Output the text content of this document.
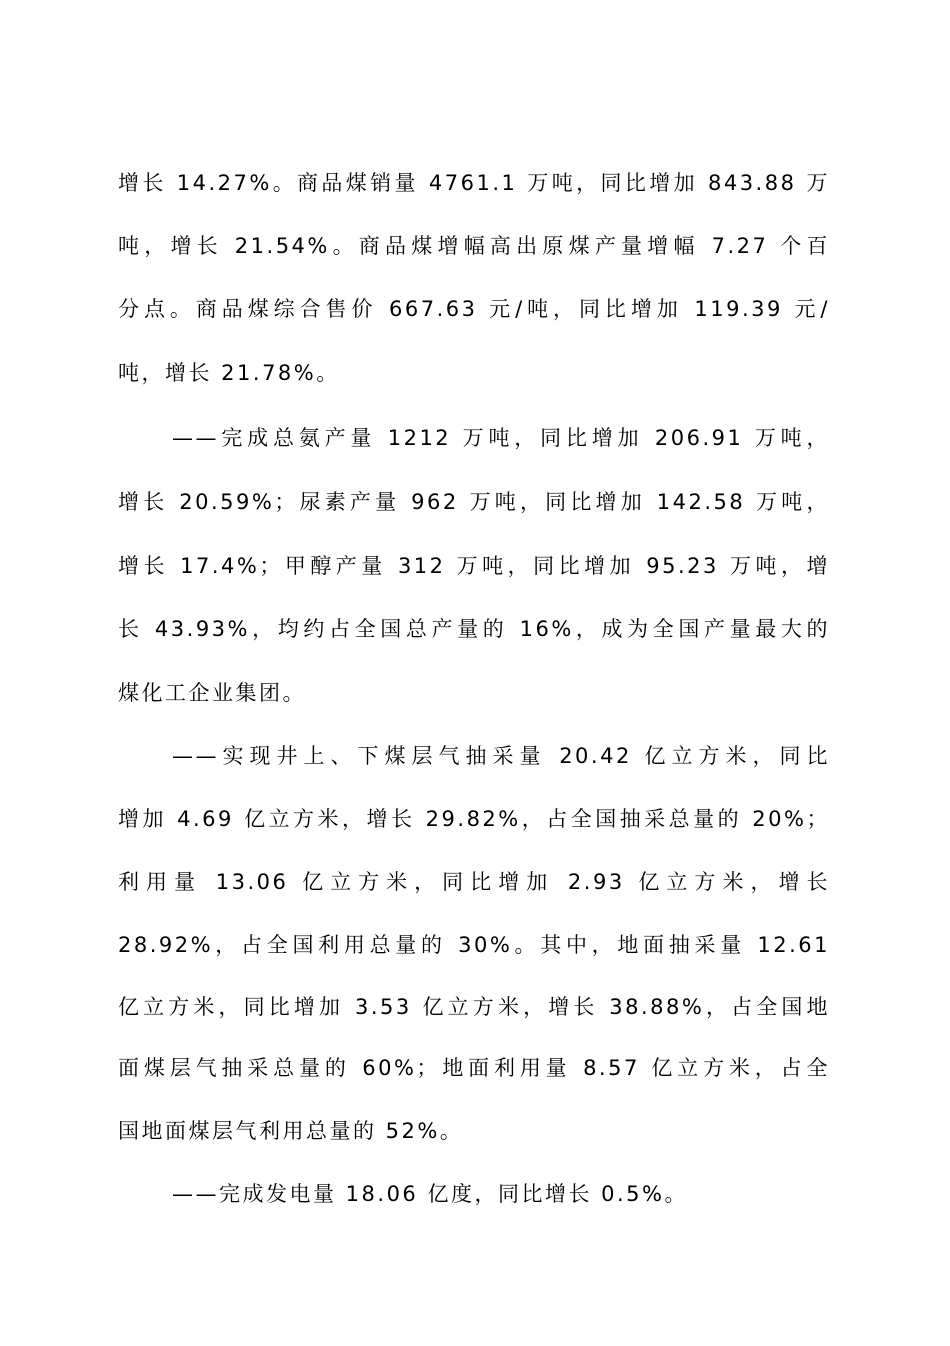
增长 14.27%。商品煤销量 4761.1 万吨，同比增加 843.88 万
吨，增长 21.54%。商品煤增幅高出原煤产量增幅 7.27 个百
分点。商品煤综合售价 667.63 元/吨，同比增加 119.39 元/
吨，增长 21.78%。
——完成总氨产量 1212 万吨，同比增加 206.91 万吨，
增长 20.59%；尿素产量 962 万吨，同比增加 142.58 万吨，
增长 17.4%；甲醇产量 312 万吨，同比增加 95.23 万吨，增
长 43.93%，均约占全国总产量的 16%，成为全国产量最大的
煤化工企业集团。
——实现井上、下煤层气抽采量 20.42 亿立方米，同比
增加 4.69 亿立方米，增长 29.82%，占全国抽采总量的 20%；
利用量 13.06 亿立方米，同比增加 2.93 亿立方米，增长
28.92%，占全国利用总量的 30%。其中，地面抽采量 12.61
亿立方米，同比增加 3.53 亿立方米，增长 38.88%，占全国地
面煤层气抽采总量的 60%；地面利用量 8.57 亿立方米，占全
国地面煤层气利用总量的 52%。
——完成发电量 18.06 亿度，同比增长 0.5%。
